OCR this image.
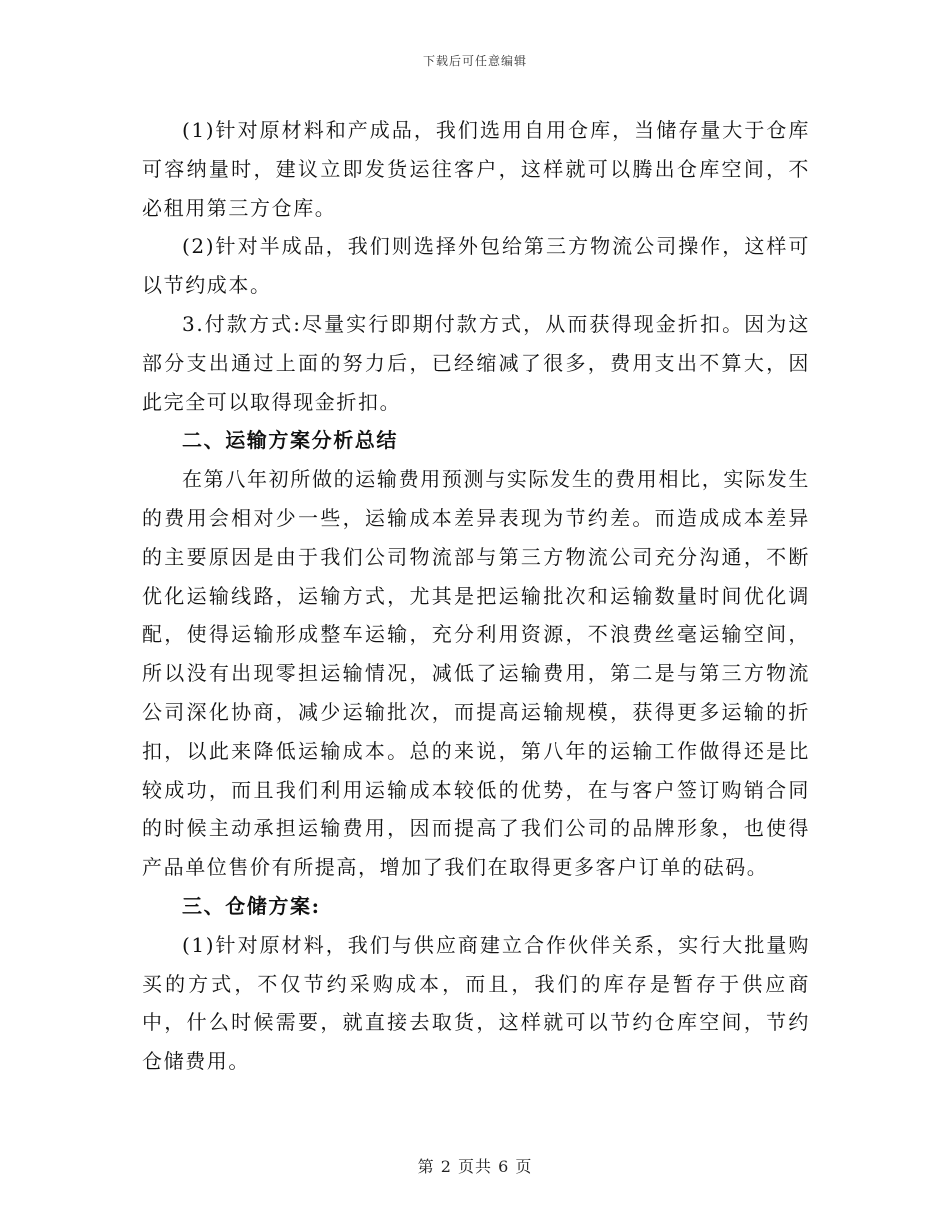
下载后可任意编辑

(1)针对原材料和产成品，我们选用自用仓库，当储存量大于仓库可容纳量时，建议立即发货运往客户，这样就可以腾出仓库空间，不必租用第三方仓库。

(2)针对半成品，我们则选择外包给第三方物流公司操作，这样可以节约成本。

3.付款方式:尽量实行即期付款方式，从而获得现金折扣。因为这部分支出通过上面的努力后，已经缩减了很多，费用支出不算大，因此完全可以取得现金折扣。

二、运输方案分析总结

在第八年初所做的运输费用预测与实际发生的费用相比，实际发生的费用会相对少一些，运输成本差异表现为节约差。而造成成本差异的主要原因是由于我们公司物流部与第三方物流公司充分沟通，不断优化运输线路，运输方式，尤其是把运输批次和运输数量时间优化调配，使得运输形成整车运输，充分利用资源，不浪费丝毫运输空间，所以没有出现零担运输情况，减低了运输费用，第二是与第三方物流公司深化协商，减少运输批次，而提高运输规模，获得更多运输的折扣，以此来降低运输成本。总的来说，第八年的运输工作做得还是比较成功，而且我们利用运输成本较低的优势，在与客户签订购销合同的时候主动承担运输费用，因而提高了我们公司的品牌形象，也使得产品单位售价有所提高，增加了我们在取得更多客户订单的砝码。

三、仓储方案:

(1)针对原材料，我们与供应商建立合作伙伴关系，实行大批量购买的方式，不仅节约采购成本，而且，我们的库存是暂存于供应商中，什么时候需要，就直接去取货，这样就可以节约仓库空间，节约仓储费用。

第 2 页共 6 页
